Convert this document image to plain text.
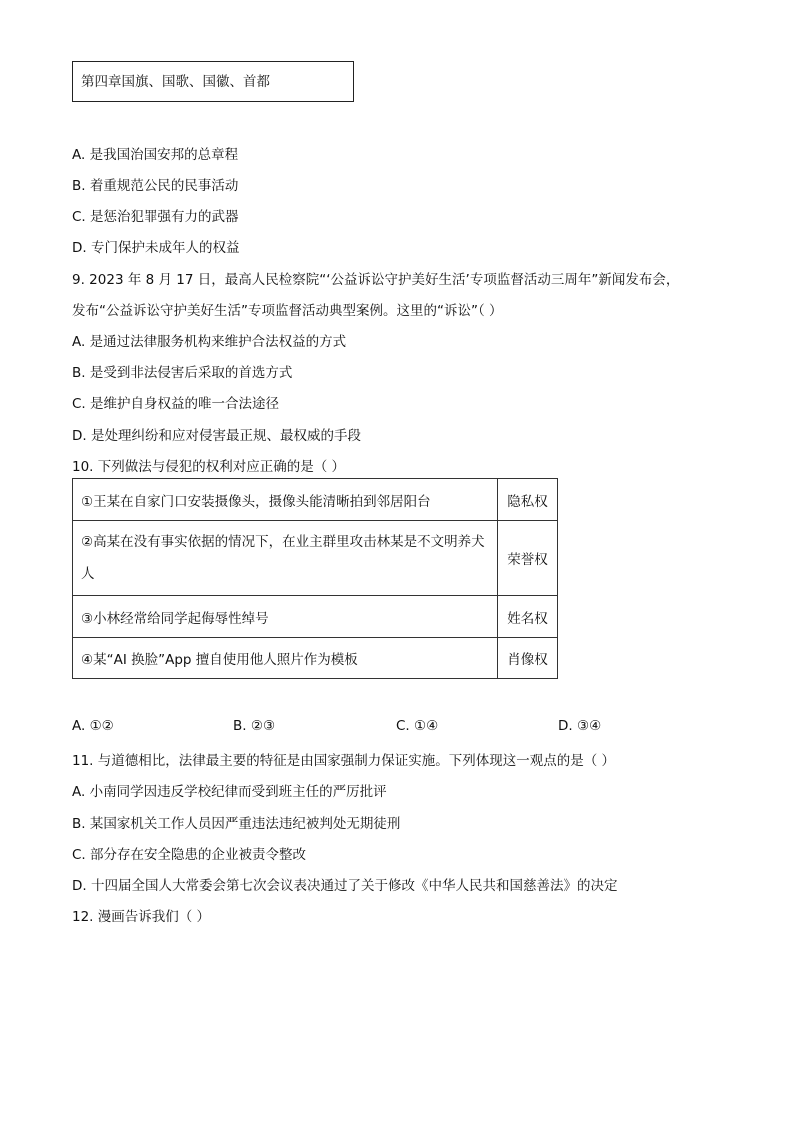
第四章国旗、国歌、国徽、首都
A. 是我国治国安邦的总章程
B. 着重规范公民的民事活动
C. 是惩治犯罪强有力的武器
D. 专门保护未成年人的权益
9. 2023 年 8 月 17 日，最高人民检察院“‘公益诉讼守护美好生活’专项监督活动三周年”新闻发布会，
发布“公益诉讼守护美好生活”专项监督活动典型案例。这里的“诉讼”（ ）
A. 是通过法律服务机构来维护合法权益的方式
B. 是受到非法侵害后采取的首选方式
C. 是维护自身权益的唯一合法途径
D. 是处理纠纷和应对侵害最正规、最权威的手段
10. 下列做法与侵犯的权利对应正确的是（ ）
①王某在自家门口安装摄像头，摄像头能清晰拍到邻居阳台	隐私权
②高某在没有事实依据的情况下，在业主群里攻击林某是不文明养犬人	荣誉权
③小林经常给同学起侮辱性绰号	姓名权
④某“AI 换脸”App 擅自使用他人照片作为模板	肖像权
A. ①②	B. ②③	C. ①④	D. ③④
11. 与道德相比，法律最主要的特征是由国家强制力保证实施。下列体现这一观点的是（ ）
A. 小南同学因违反学校纪律而受到班主任的严厉批评
B. 某国家机关工作人员因严重违法违纪被判处无期徒刑
C. 部分存在安全隐患的企业被责令整改
D. 十四届全国人大常委会第七次会议表决通过了关于修改《中华人民共和国慈善法》的决定
12. 漫画告诉我们（ ）
